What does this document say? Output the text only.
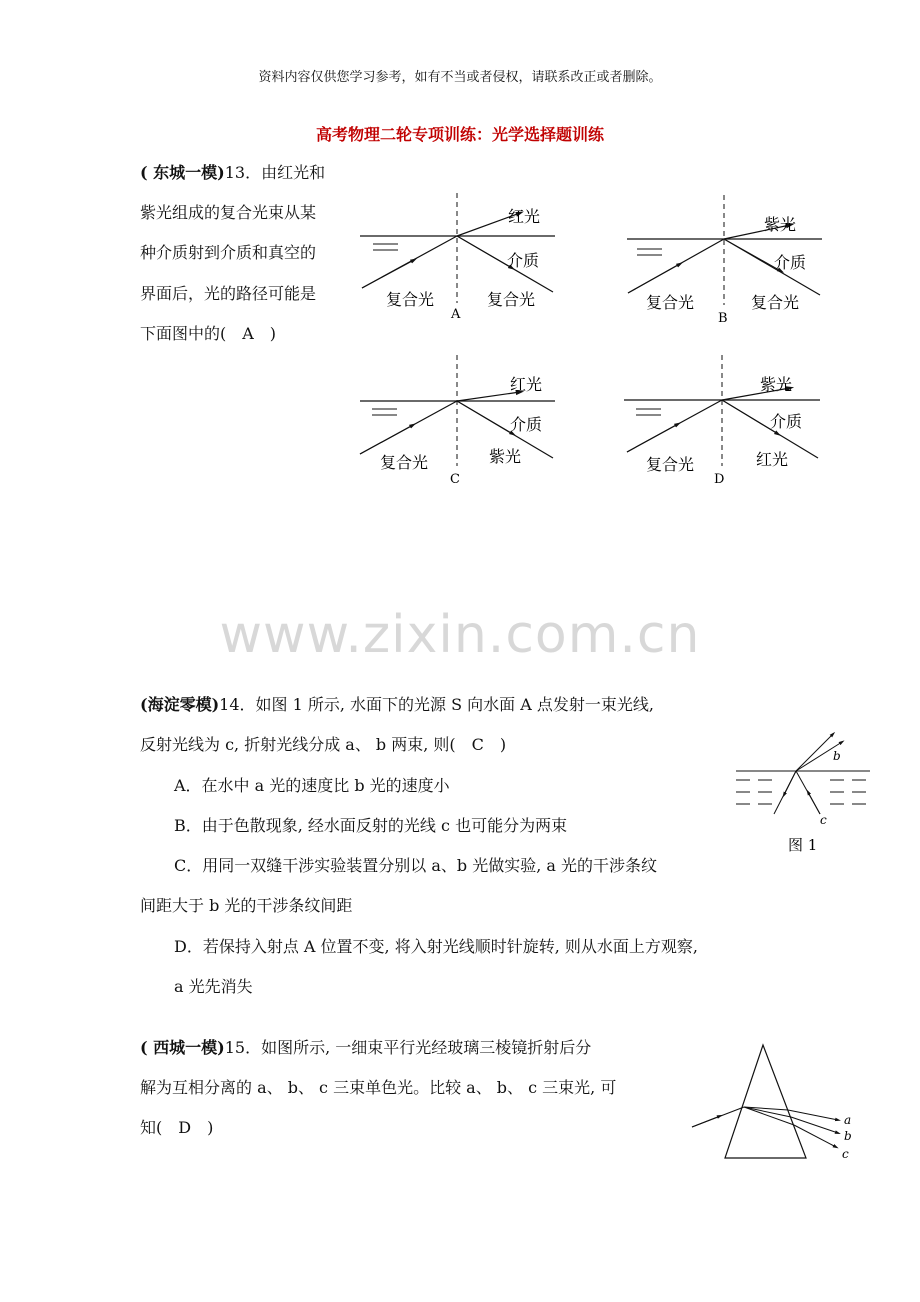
资料内容仅供您学习参考，如有不当或者侵权，请联系改正或者删除。
高考物理二轮专项训练：光学选择题训练
( 东城一模)13．由红光和
紫光组成的复合光束从某
种介质射到介质和真空的
界面后，光的路径可能是
下面图中的(　A　)
红光
介质
复合光	复合光
A
紫光
介质
复合光	复合光
B
红光
介质
复合光	紫光
C
紫光
介质
复合光	红光
D
www.zixin.com.cn
(海淀零模)14．如图 1 所示, 水面下的光源 S 向水面 A 点发射一束光线,
反射光线为 c, 折射光线分成 a、 b 两束, 则(　C　)
A．在水中 a 光的速度比 b 光的速度小
B．由于色散现象, 经水面反射的光线 c 也可能分为两束
C．用同一双缝干涉实验装置分别以 a、b 光做实验, a 光的干涉条纹
间距大于 b 光的干涉条纹间距
D．若保持入射点 A 位置不变, 将入射光线顺时针旋转, 则从水面上方观察,
a 光先消失
b
c
图 1
( 西城一模)15．如图所示, 一细束平行光经玻璃三棱镜折射后分
解为互相分离的 a、 b、 c 三束单色光。比较 a、 b、 c 三束光, 可
知(　D　)	a
b
c
